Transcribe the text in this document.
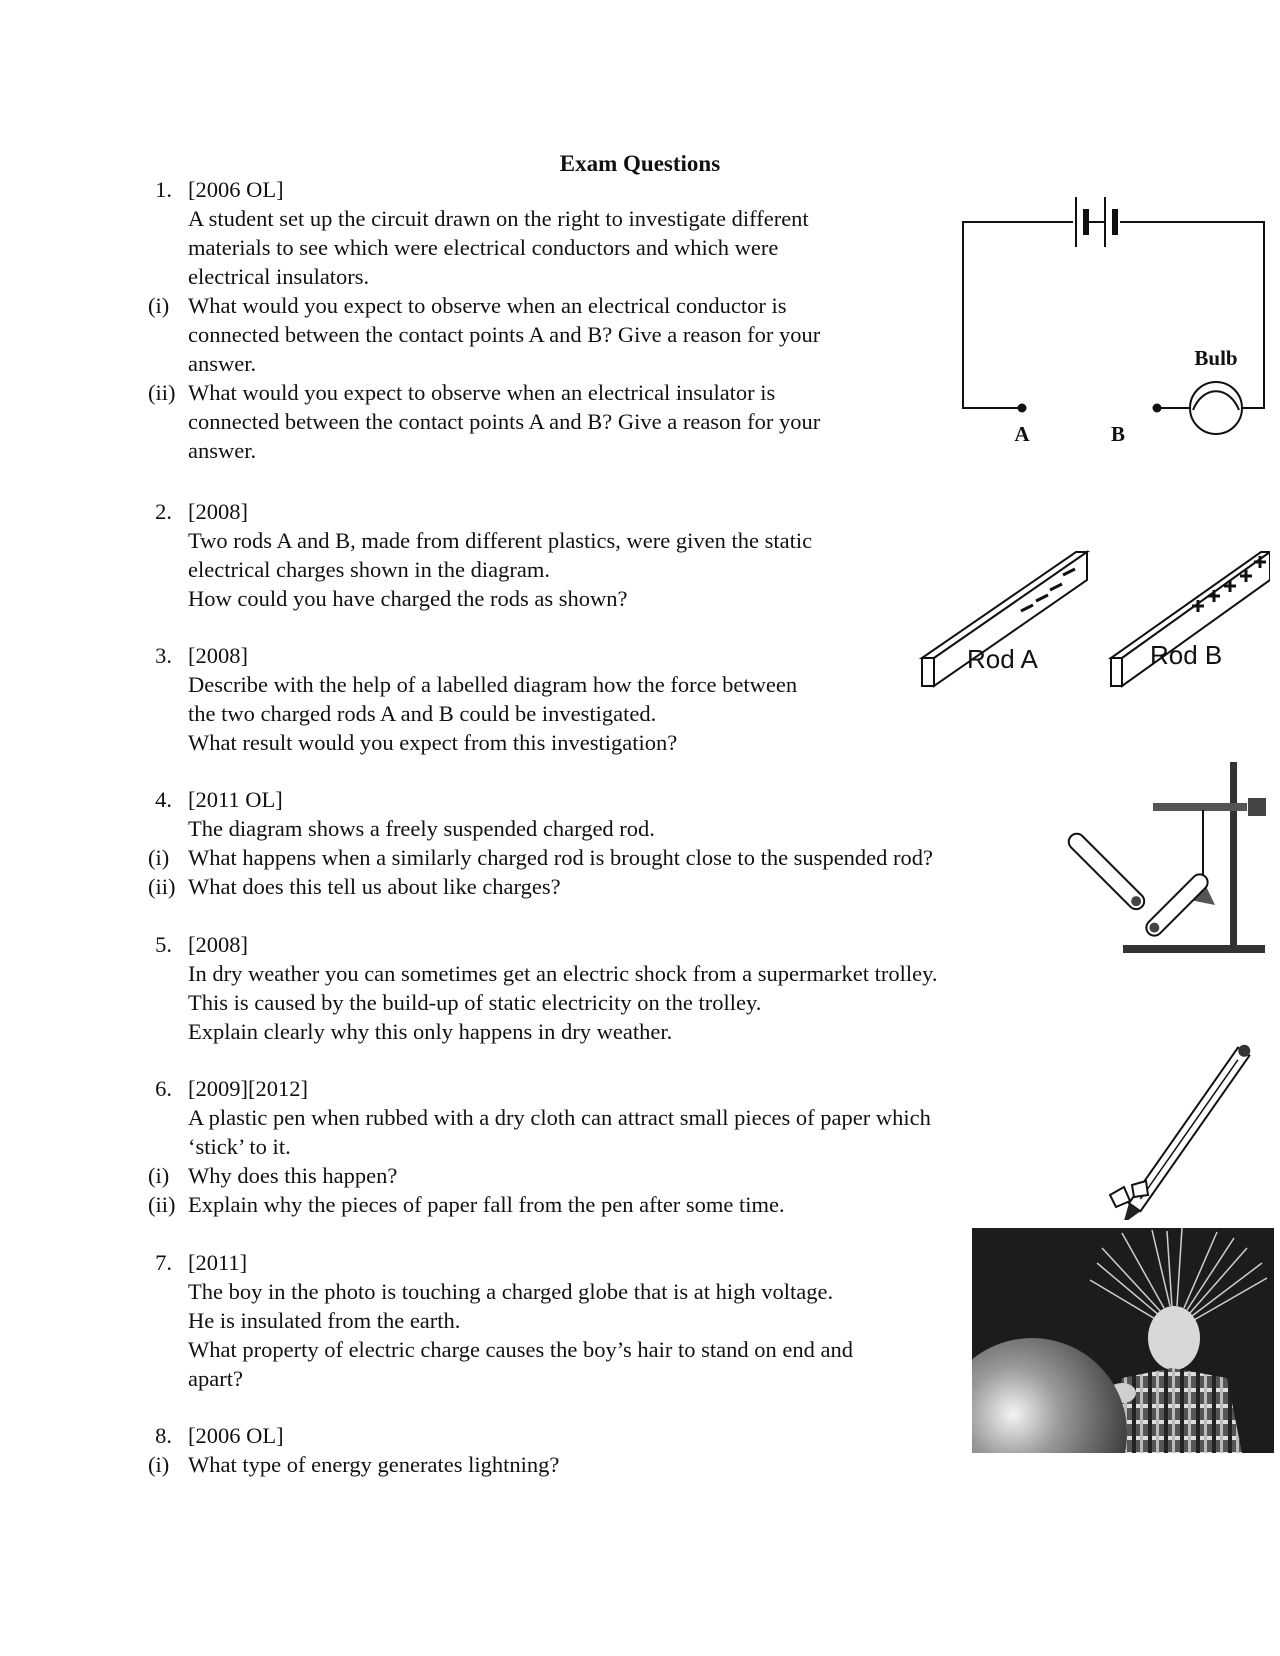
Exam Questions
1. [2006 OL]
A student set up the circuit drawn on the right to investigate different
materials to see which were electrical conductors and which were
electrical insulators.
(i) What would you expect to observe when an electrical conductor is
connected between the contact points A and B? Give a reason for your
answer.
(ii) What would you expect to observe when an electrical insulator is
connected between the contact points A and B? Give a reason for your
answer.
2. [2008]
Two rods A and B, made from different plastics, were given the static
electrical charges shown in the diagram.
How could you have charged the rods as shown?
3. [2008]
Describe with the help of a labelled diagram how the force between
the two charged rods A and B could be investigated.
What result would you expect from this investigation?
4. [2011 OL]
The diagram shows a freely suspended charged rod.
(i) What happens when a similarly charged rod is brought close to the suspended rod?
(ii) What does this tell us about like charges?
5. [2008]
In dry weather you can sometimes get an electric shock from a supermarket trolley.
This is caused by the build-up of static electricity on the trolley.
Explain clearly why this only happens in dry weather.
6. [2009][2012]
A plastic pen when rubbed with a dry cloth can attract small pieces of paper which
‘stick’ to it.
(i) Why does this happen?
(ii) Explain why the pieces of paper fall from the pen after some time.
7. [2011]
The boy in the photo is touching a charged globe that is at high voltage.
He is insulated from the earth.
What property of electric charge causes the boy’s hair to stand on end and
apart?
8. [2006 OL]
(i) What type of energy generates lightning?
A	B
Bulb
Rod A	Rod B
